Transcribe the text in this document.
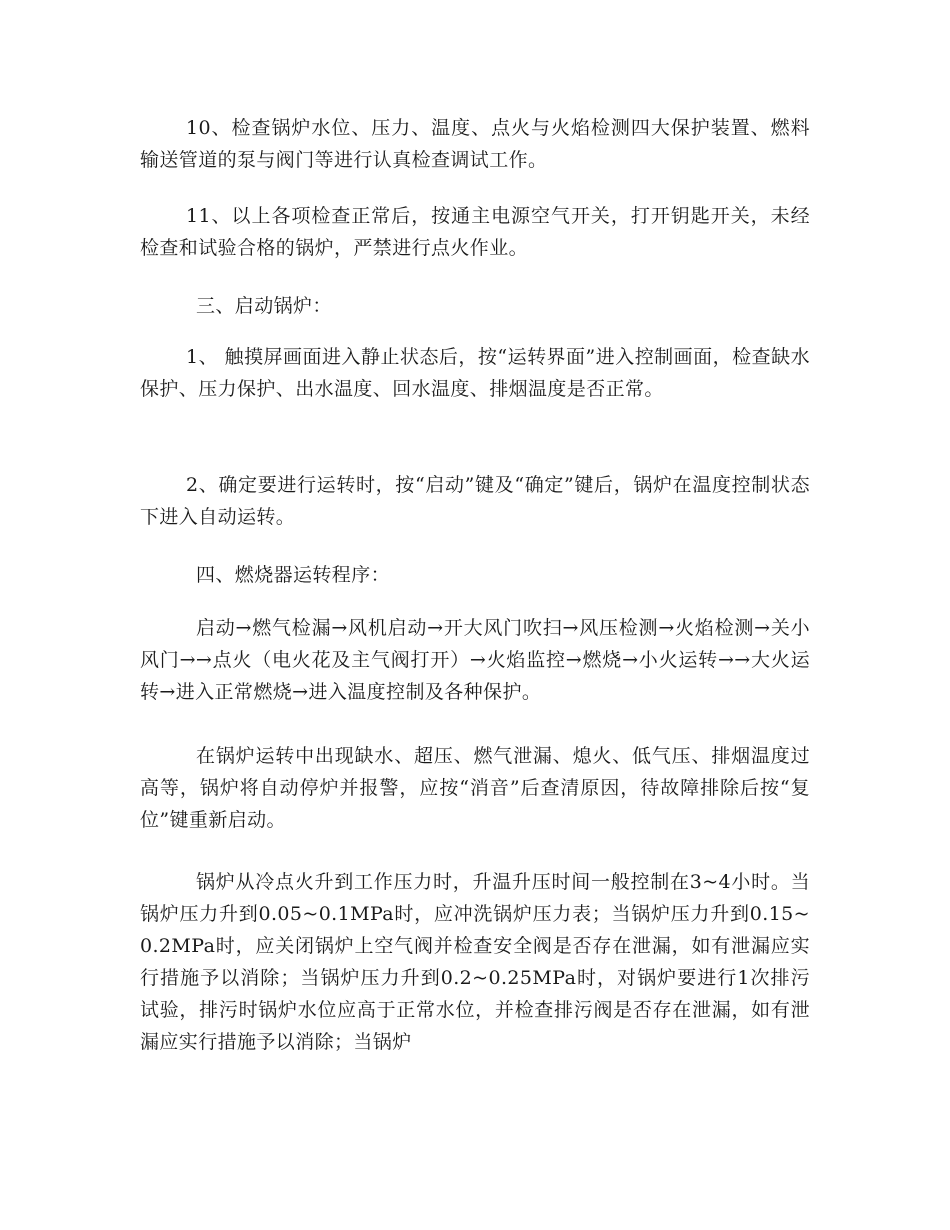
10、检查锅炉水位、压力、温度、点火与火焰检测四大保护装置、燃料输送管道的泵与阀门等进行认真检查调试工作。

11、以上各项检查正常后，按通主电源空气开关，打开钥匙开关，未经检查和试验合格的锅炉，严禁进行点火作业。

三、启动锅炉：

1、 触摸屏画面进入静止状态后，按“运转界面”进入控制画面，检查缺水保护、压力保护、出水温度、回水温度、排烟温度是否正常。

2、确定要进行运转时，按“启动”键及“确定”键后，锅炉在温度控制状态下进入自动运转。

四、燃烧器运转程序：

启动→燃气检漏→风机启动→开大风门吹扫→风压检测→火焰检测→关小风门→→点火（电火花及主气阀打开）→火焰监控→燃烧→小火运转→→大火运转→进入正常燃烧→进入温度控制及各种保护。

在锅炉运转中出现缺水、超压、燃气泄漏、熄火、低气压、排烟温度过高等，锅炉将自动停炉并报警，应按“消音”后查清原因，待故障排除后按“复位”键重新启动。

锅炉从冷点火升到工作压力时，升温升压时间一般控制在3~4小时。当锅炉压力升到0.05~0.1MPa时，应冲洗锅炉压力表；当锅炉压力升到0.15~0.2MPa时，应关闭锅炉上空气阀并检查安全阀是否存在泄漏，如有泄漏应实行措施予以消除；当锅炉压力升到0.2~0.25MPa时，对锅炉要进行1次排污试验，排污时锅炉水位应高于正常水位，并检查排污阀是否存在泄漏，如有泄漏应实行措施予以消除；当锅炉
